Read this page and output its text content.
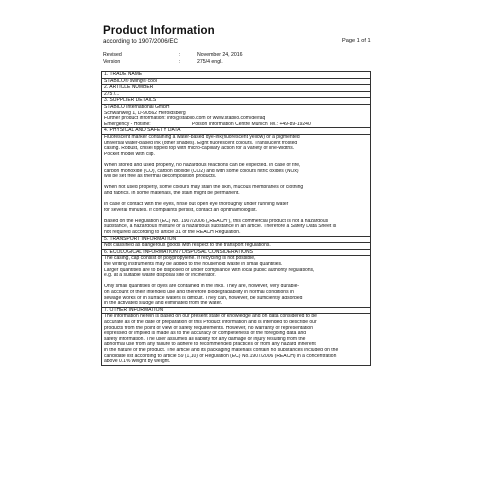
Product Information
according to 1907/2006/EC	Page 1 of 1
Revised	:	November 24, 2016
Version	:	275/4 engl.
1. TRADE NAME
STABILO® swing® cool
2. ARTICLE NUMBER
275 /...
3. SUPPLIER DETAILS
STABILO International GmbH
Schwanweg 1, D-90562 Heroldsberg
Further product information: info@stabilo.com or www.stabilo.com/de/faq
Emergency - Hotline:	Poison Information Centre Munich Tel.: +49-89-19240
4. PHYSICAL AND SAFETY DATA
Fluorescent marker containing a water-based dye-ink(fluorescent yellow) or a pigmented
universal water-based ink (other shades). Eight fluorescent colours. Translucent frosted
casing. Robust, chisel tipped top with micro-capillary action for a variety of line-widths.
Pocket model with clip.
When stored and used properly, no hazardous reactions can be expected. In case of fire,
carbon monoxide (CO), carbon dioxide (CO2) and with some colours nitric oxides (NOx)
will be set free as thermal decomposition products.
When not used properly, some colours may stain the skin, mucous membranes or clothing
and fabrics. In some materials, the stain might be permanent.
In case of contact with the eyes, rinse out open eye thoroughly under running water
for several minutes. If complaints persist, contact an ophthalmologist.
Based on the Regulation (EC) No. 1907/2006 („REACH"), this commercial product is not a hazardous
substance, a hazardous mixture or a hazardous substance in an article. Therefore a Safety Data Sheet is
not required according to article 31 of the REACH Regulation.
5. TRANSPORT INFORMATION
Not classified as dangerous goods with respect to the transport regulations.
6. ECOLOGICAL INFORMATION / DISPOSAL CONSIDERATIONS
The casing, cap consist of polypropylene. If recycling is not possible,
the writing instruments may be added to the household waste in small quantities.
Larger quantities are to be disposed of under compliance with local public authority regulations,
e.g. at a suitable waste disposal site or incinerator.
Only small quantities of dyes are contained in the inks. They are, however, very durable-
on account of their intended use and therefore biodegradability in normal conditions in
sewage works or in surface waters is difficult. They can, however, be sufficiently adsorbed
in the activated sludge and eliminated from the water.
7. OTHER INFORMATION
The information herein is based on our present state of knowledge and on data considered to be
accurate as of the date of preparation of this Product Information and is intended to describe our
products from the point of view of safety requirements. However, no warranty of representation
expressed or implied is made as to the accuracy or completeness of the foregoing data and
safety information. The user assumes all liability for any damage or injury resulting from the
abnormal use from any failure to adhere to recommended practices or from any hazard inherent
in the nature of the product. The article and its packaging materials contain no substances included on the
candidate list according to article 59 (1,10) of Regulation (EC) No.1907/2006 (REACH) in a concentration
above 0.1% weight by weight.
